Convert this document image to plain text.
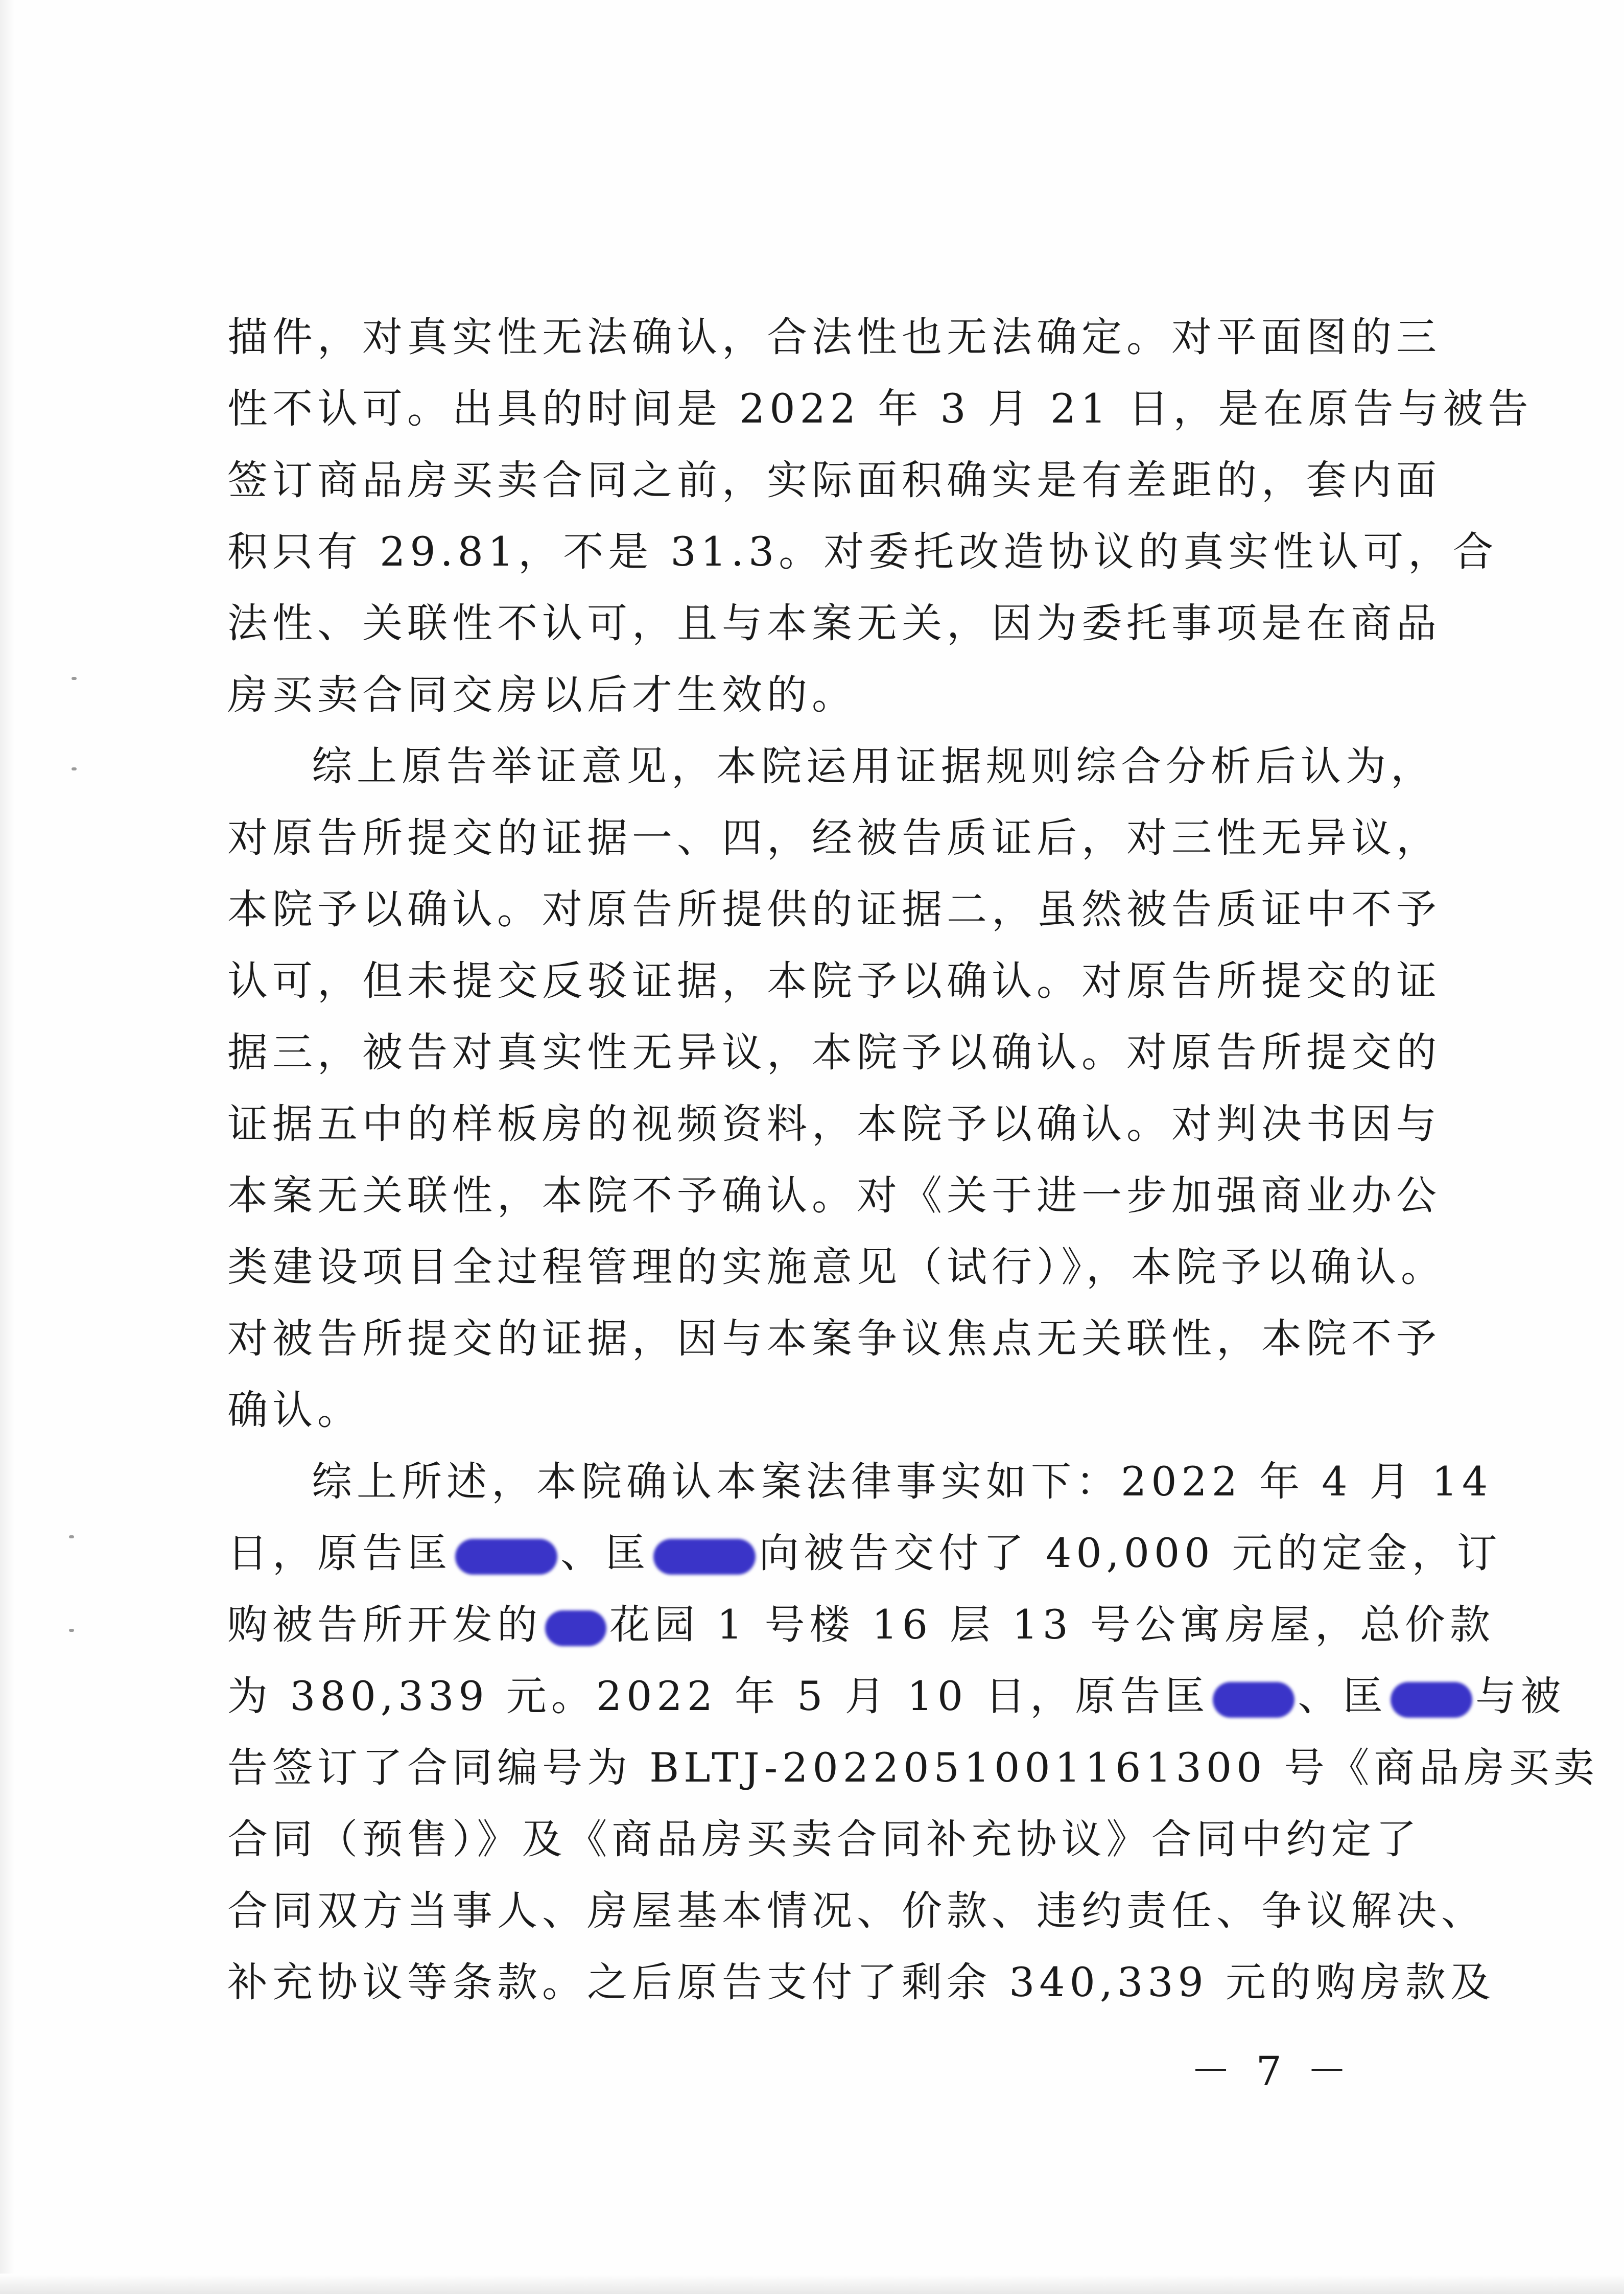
描件，对真实性无法确认，合法性也无法确定。对平面图的三
性不认可。出具的时间是 2022 年 3 月 21 日，是在原告与被告
签订商品房买卖合同之前，实际面积确实是有差距的，套内面
积只有 29.81，不是 31.3。对委托改造协议的真实性认可，合
法性、关联性不认可，且与本案无关，因为委托事项是在商品
房买卖合同交房以后才生效的。
综上原告举证意见，本院运用证据规则综合分析后认为，
对原告所提交的证据一、四，经被告质证后，对三性无异议，
本院予以确认。对原告所提供的证据二，虽然被告质证中不予
认可，但未提交反驳证据，本院予以确认。对原告所提交的证
据三，被告对真实性无异议，本院予以确认。对原告所提交的
证据五中的样板房的视频资料，本院予以确认。对判决书因与
本案无关联性，本院不予确认。对《关于进一步加强商业办公
类建设项目全过程管理的实施意见（试行）》，本院予以确认。
对被告所提交的证据，因与本案争议焦点无关联性，本院不予
确认。
综上所述，本院确认本案法律事实如下：2022 年 4 月 14
日，原告匡	、匡	向被告交付了 40,000 元的定金，订
购被告所开发的 花园 1 号楼 16 层 13 号公寓房屋，总价款
为 380,339 元。2022 年 5 月 10 日，原告匡 、匡 与被
告签订了合同编号为 BLTJ-2022051001161300 号《商品房买卖
合同（预售）》及《商品房买卖合同补充协议》合同中约定了
合同双方当事人、房屋基本情况、价款、违约责任、争议解决、
补充协议等条款。之后原告支付了剩余 340,339 元的购房款及
－ 7 －
